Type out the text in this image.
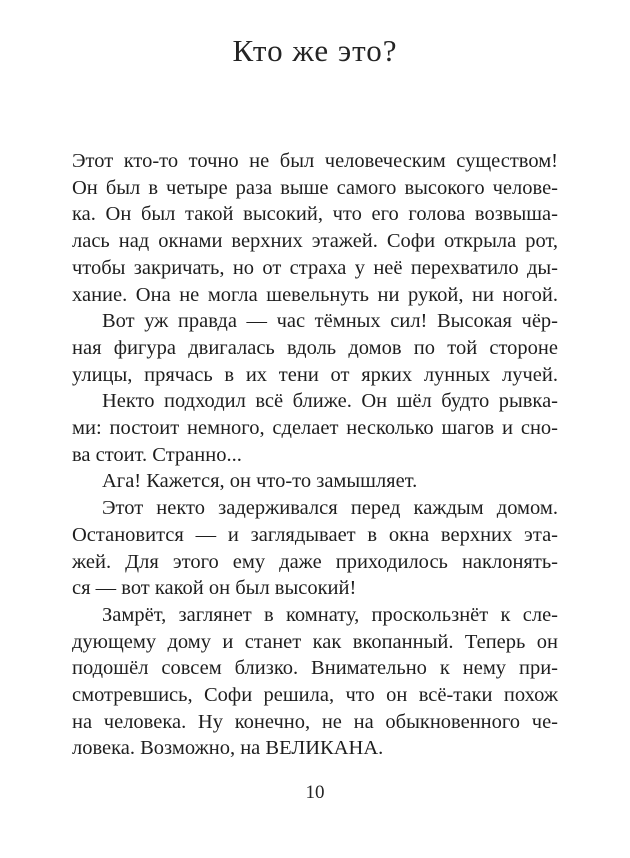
Кто же это?
Этот кто-то точно не был человеческим существом!
Он был в четыре раза выше самого высокого челове-
ка. Он был такой высокий, что его голова возвыша-
лась над окнами верхних этажей. Софи открыла рот,
чтобы закричать, но от страха у неё перехватило ды-
хание. Она не могла шевельнуть ни рукой, ни ногой.
Вот уж правда — час тёмных сил! Высокая чёр-
ная фигура двигалась вдоль домов по той стороне
улицы, прячась в их тени от ярких лунных лучей.
Некто подходил всё ближе. Он шёл будто рывка-
ми: постоит немного, сделает несколько шагов и сно-
ва стоит. Странно...
Ага! Кажется, он что-то замышляет.
Этот некто задерживался перед каждым домом.
Остановится — и заглядывает в окна верхних эта-
жей. Для этого ему даже приходилось наклонять-
ся — вот какой он был высокий!
Замрёт, заглянет в комнату, проскользнёт к сле-
дующему дому и станет как вкопанный. Теперь он
подошёл совсем близко. Внимательно к нему при-
смотревшись, Софи решила, что он всё-таки похож
на человека. Ну конечно, не на обыкновенного че-
ловека. Возможно, на ВЕЛИКАНА.
10
